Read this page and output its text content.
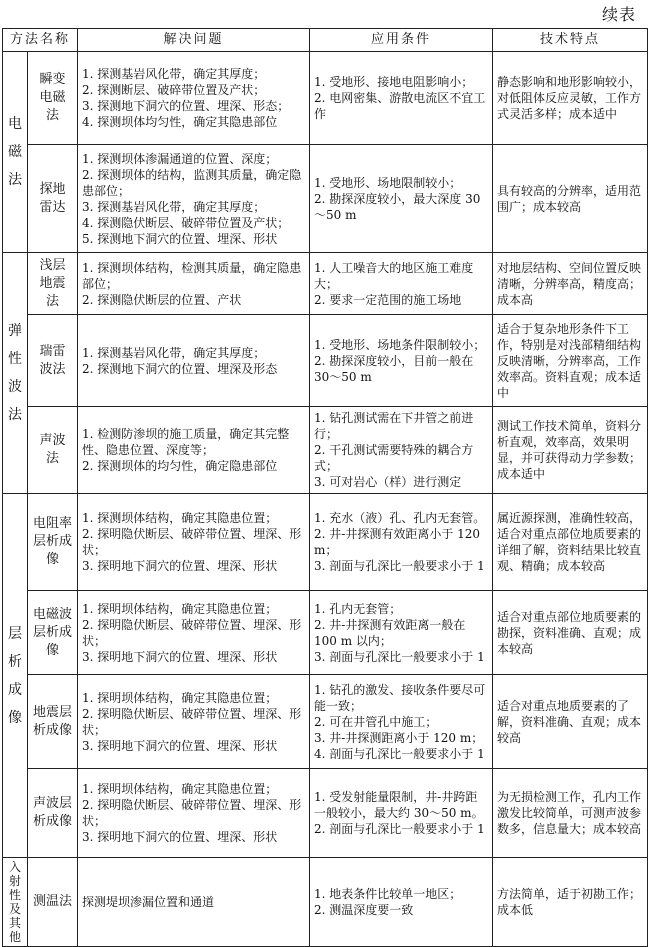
续表
方法名称		解决问题	应用条件	技术特点

电
磁
法	瞬变
电磁
法	1. 探测基岩风化带，确定其厚度；
2. 探测断层、破碎带位置及产状；
3. 探测地下洞穴的位置、埋深、形态；
4. 探测坝体均匀性，确定其隐患部位	1. 受地形、接地电阻影响小；
2. 电网密集、游散电流区不宜工作	静态影响和地形影响较小，对低阻体反应灵敏，工作方式灵活多样；成本适中

	探地
雷达	1. 探测坝体渗漏通道的位置、深度；
2. 探测坝体的结构，监测其质量，确定隐患部位；
3. 探测基岩风化带，确定其厚度；
4. 探测隐伏断层、破碎带位置及产状；
5. 探测地下洞穴的位置、埋深、形状	1. 受地形、场地限制较小；
2. 勘探深度较小，最大深度 30～50 m	具有较高的分辨率，适用范围广；成本较高

弹
性
波
法	浅层
地震
法	1. 探测坝体结构，检测其质量，确定隐患部位；
2. 探测隐伏断层的位置、产状	1. 人工噪音大的地区施工难度大；
2. 要求一定范围的施工场地	对地层结构、空间位置反映清晰，分辨率高，精度高；成本高

	瑞雷
波法	1. 探测基岩风化带，确定其厚度；
2. 探测地下洞穴的位置、埋深及形态	1. 受地形、场地条件限制较小；
2. 勘探深度较小，目前一般在 30～50 m	适合于复杂地形条件下工作，特别是对浅部精细结构反映清晰，分辨率高，工作效率高。资料直观；成本适中

	声波
法	1. 检测防渗坝的施工质量，确定其完整性、隐患位置、深度等；
2. 探测坝体的均匀性，确定隐患部位	1. 钻孔测试需在下井管之前进行；
2. 干孔测试需要特殊的耦合方式；
3. 可对岩心（样）进行测定	测试工作技术简单，资料分析直观，效率高，效果明显，并可获得动力学参数；成本适中

层
析
成
像	电阻率
层析成
像	1. 探测坝体结构，确定其隐患位置；
2. 探明隐伏断层、破碎带位置、埋深、形状；
3. 探明地下洞穴的位置、埋深、形状	1. 充水（液）孔、孔内无套管。
2. 井-井探测有效距离小于 120 m；
3. 剖面与孔深比一般要求小于 1	属近源探测，准确性较高，适合对重点部位地质要素的详细了解，资料结果比较直观、精确；成本较高

	电磁波
层析成
像	1. 探明坝体结构，确定其隐患位置；
2. 探明隐伏断层、破碎带位置、埋深、形状；
3. 探明地下洞穴的位置、埋深、形状	1. 孔内无套管；
2. 井-井探测有效距离一般在 100 m 以内；
3. 剖面与孔深比一般要求小于 1	适合对重点部位地质要素的勘探，资料准确、直观；成本较高

	地震层
析成像	1. 探明坝体结构，确定其隐患位置；
2. 探明隐伏断层、破碎带位置、埋深、形状；
3. 探明地下洞穴的位置、埋深、形状	1. 钻孔的激发、接收条件要尽可能一致；
2. 可在井管孔中施工；
3. 井-井探测距离小于 120 m；
4. 剖面与孔深比一般要求小于 1	适合对重点地质要素的了解，资料准确、直观；成本较高

	声波层
析成像	1. 探明坝体结构，确定其隐患位置；
2. 探明隐伏断层、破碎带位置、埋深、形状；
3. 探明地下洞穴的位置、埋深、形状	1. 受发射能量限制，井-井跨距一般较小，最大约 30～50 m。
2. 剖面与孔深比一般要求小于 1	为无损检测工作，孔内工作激发比较简单，可测声波参数多，信息量大；成本较高

入射
性及
其他	测温法	探测堤坝渗漏位置和通道	1. 地表条件比较单一地区；
2. 测温深度要一致	方法简单，适于初勘工作；成本低
